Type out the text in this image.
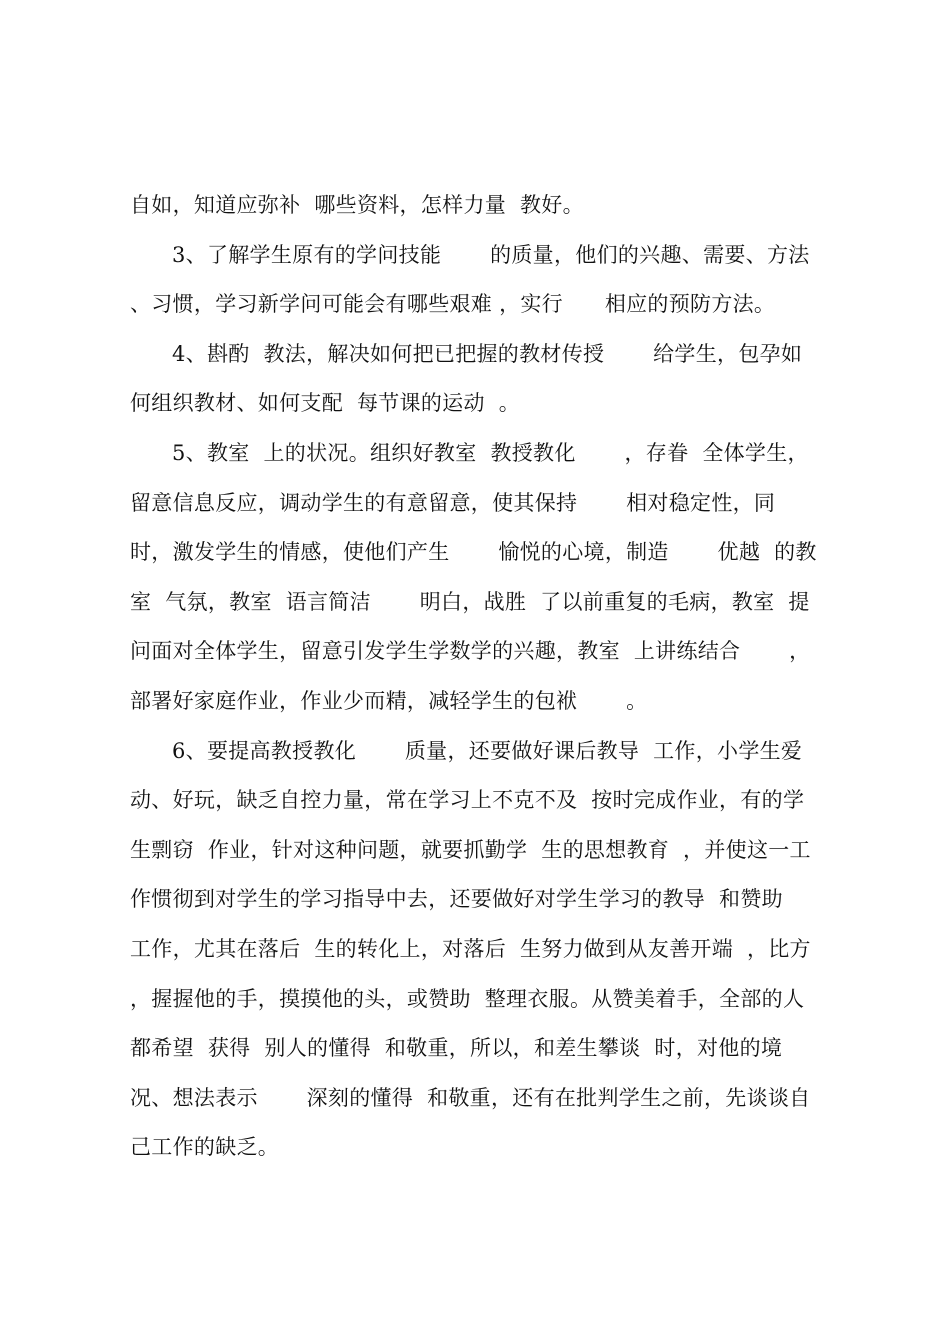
自如，知道应弥补  哪些资料，怎样力量  教好。
3、了解学生原有的学问技能       的质量，他们的兴趣、需要、方法
、习惯，学习新学问可能会有哪些艰难 ，实行      相应的预防方法。
4、斟酌  教法，解决如何把已把握的教材传授       给学生，包孕如
何组织教材、如何支配  每节课的运动  。
5、教室  上的状况。组织好教室  教授教化       ，存眷  全体学生，
留意信息反应，调动学生的有意留意，使其保持       相对稳定性，同
时，激发学生的情感，使他们产生       愉悦的心境，制造       优越  的教
室  气氛，教室  语言简洁       明白，战胜  了以前重复的毛病，教室  提
问面对全体学生，留意引发学生学数学的兴趣，教室  上讲练结合       ，
部署好家庭作业，作业少而精，减轻学生的包袱       。
6、要提高教授教化       质量，还要做好课后教导  工作，小学生爱
动、好玩，缺乏自控力量，常在学习上不克不及  按时完成作业，有的学
生剽窃  作业，针对这种问题，就要抓勤学  生的思想教育  ，并使这一工
作惯彻到对学生的学习指导中去，还要做好对学生学习的教导  和赞助
工作，尤其在落后  生的转化上，对落后  生努力做到从友善开端  ，比方
，握握他的手，摸摸他的头，或赞助  整理衣服。从赞美着手，全部的人
都希望  获得  别人的懂得  和敬重，所以，和差生攀谈  时，对他的境
况、想法表示       深刻的懂得  和敬重，还有在批判学生之前，先谈谈自
己工作的缺乏。
